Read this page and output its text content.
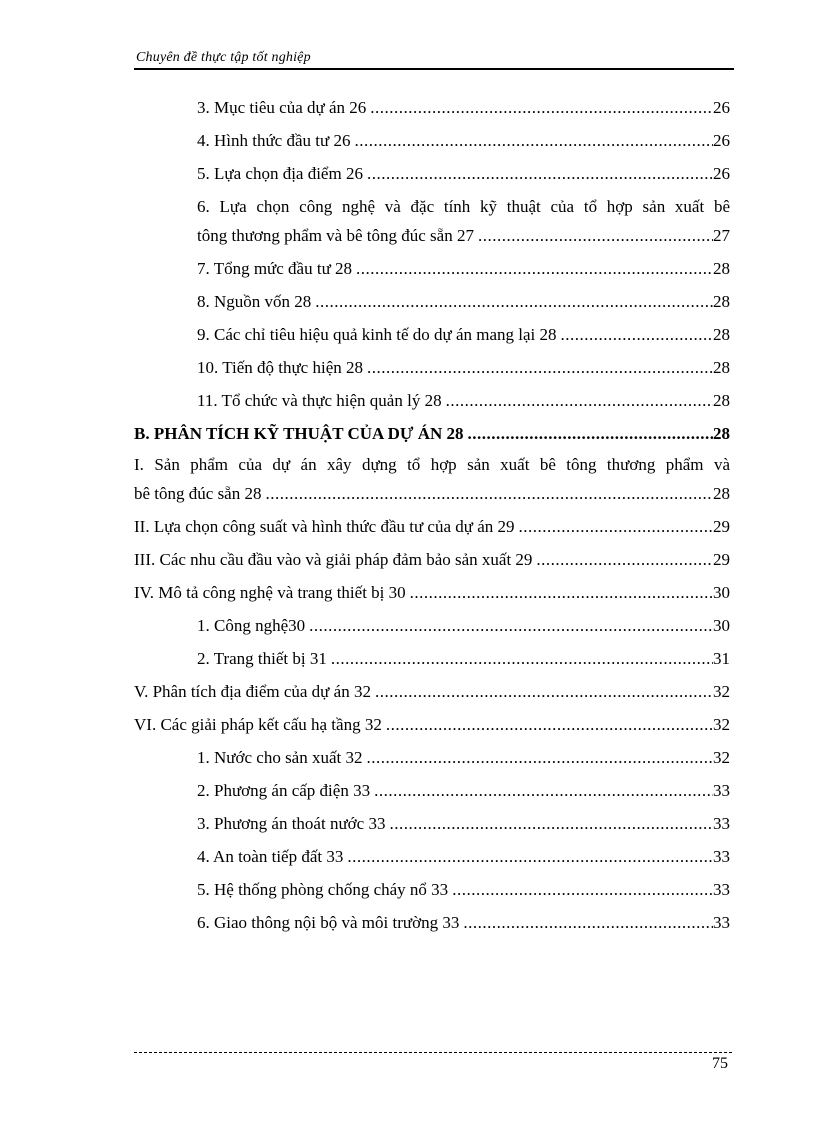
Chuyên đề thực tập tốt nghiệp
3. Mục tiêu của dự án 26 .....	26
4. Hình thức đầu tư 26 .....	26
5. Lựa chọn địa điểm 26 .....	26
6. Lựa chọn công nghệ và đặc tính kỹ thuật của tổ hợp sản xuất bê
tông thương phẩm và bê tông đúc sẵn 27 .....	27
7. Tổng mức đầu tư 28 .....	28
8. Nguồn vốn 28 .....	28
9. Các chỉ tiêu hiệu quả kinh tế do dự án mang lại 28 .....	28
10. Tiến độ thực hiện 28 .....	28
11. Tổ chức và thực hiện quản lý 28 .....	28
B. PHÂN TÍCH KỸ THUẬT CỦA DỰ ÁN 28 .....	28
I. Sản phẩm của dự án xây dựng tổ hợp sản xuất bê tông thương phẩm và
bê tông đúc sẵn 28 .....	28
II. Lựa chọn công suất và hình thức đầu tư của dự án 29 .....	29
III. Các nhu cầu đầu vào và giải pháp đảm bảo sản xuất 29 .....	29
IV. Mô tả công nghệ và trang thiết bị 30 .....	30
1. Công nghệ30 .....	30
2. Trang thiết bị 31 .....	31
V. Phân tích địa điểm của dự án 32 .....	32
VI. Các giải pháp kết cấu hạ tầng 32 .....	32
1. Nước cho sản xuất 32 .....	32
2. Phương án cấp điện 33 .....	33
3. Phương án thoát nước 33 .....	33
4. An toàn tiếp đất 33 .....	33
5. Hệ thống phòng chống cháy nổ 33 .....	33
6. Giao thông nội bộ và môi trường 33 .....	33
75
